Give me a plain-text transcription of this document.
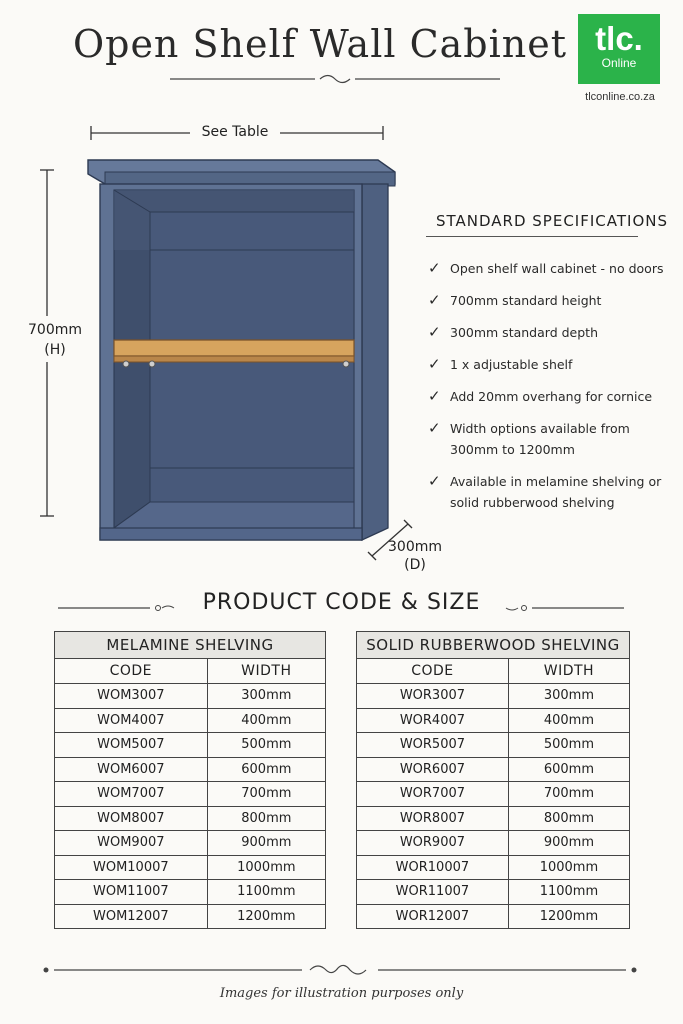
Open Shelf Wall Cabinet tlc.
Online
tlconline.co.za
See Table
700mm
(H)
300mm
(D)
STANDARD SPECIFICATIONS
✓ Open shelf wall cabinet - no doors
✓ 700mm standard height
✓ 300mm standard depth
✓ 1 x adjustable shelf
✓ Add 20mm overhang for cornice
✓ Width options available from 300mm to 1200mm
✓ Available in melamine shelving or solid rubberwood shelving
PRODUCT CODE & SIZE
MELAMINE SHELVING	
CODE	WIDTH
WOM3007	300mm
WOM4007	400mm
WOM5007	500mm
WOM6007	600mm
WOM7007	700mm
WOM8007	800mm
WOM9007	900mm
WOM10007	1000mm
WOM11007	1100mm
WOM12007	1200mm
SOLID RUBBERWOOD SHELVING	
CODE	WIDTH
WOR3007	300mm
WOR4007	400mm
WOR5007	500mm
WOR6007	600mm
WOR7007	700mm
WOR8007	800mm
WOR9007	900mm
WOR10007	1000mm
WOR11007	1100mm
WOR12007	1200mm
Images for illustration purposes only
